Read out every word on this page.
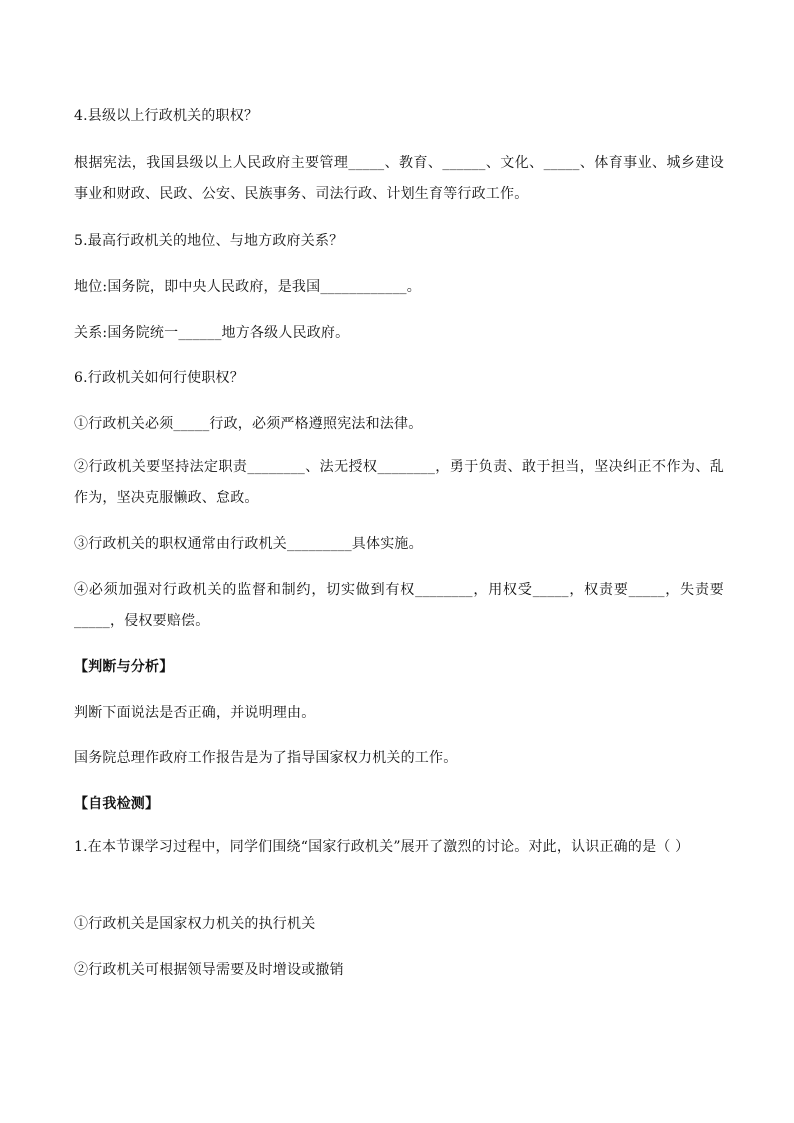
4.县级以上行政机关的职权？
根据宪法，我国县级以上人民政府主要管理_____、教育、______、文化、_____、体育事业、城乡建设事业和财政、民政、公安、民族事务、司法行政、计划生育等行政工作。
5.最高行政机关的地位、与地方政府关系？
地位:国务院，即中央人民政府，是我国____________。
关系:国务院统一______地方各级人民政府。
6.行政机关如何行使职权？
①行政机关必须_____行政，必须严格遵照宪法和法律。
②行政机关要坚持法定职责________、法无授权________，勇于负责、敢于担当，坚决纠正不作为、乱作为，坚决克服懒政、怠政。
③行政机关的职权通常由行政机关_________具体实施。
④必须加强对行政机关的监督和制约，切实做到有权________，用权受_____，权责要_____，失责要_____，侵权要赔偿。
【判断与分析】
判断下面说法是否正确，并说明理由。
国务院总理作政府工作报告是为了指导国家权力机关的工作。
【自我检测】
1.在本节课学习过程中，同学们围绕“国家行政机关”展开了激烈的讨论。对此，认识正确的是（ ）
①行政机关是国家权力机关的执行机关
②行政机关可根据领导需要及时增设或撤销
